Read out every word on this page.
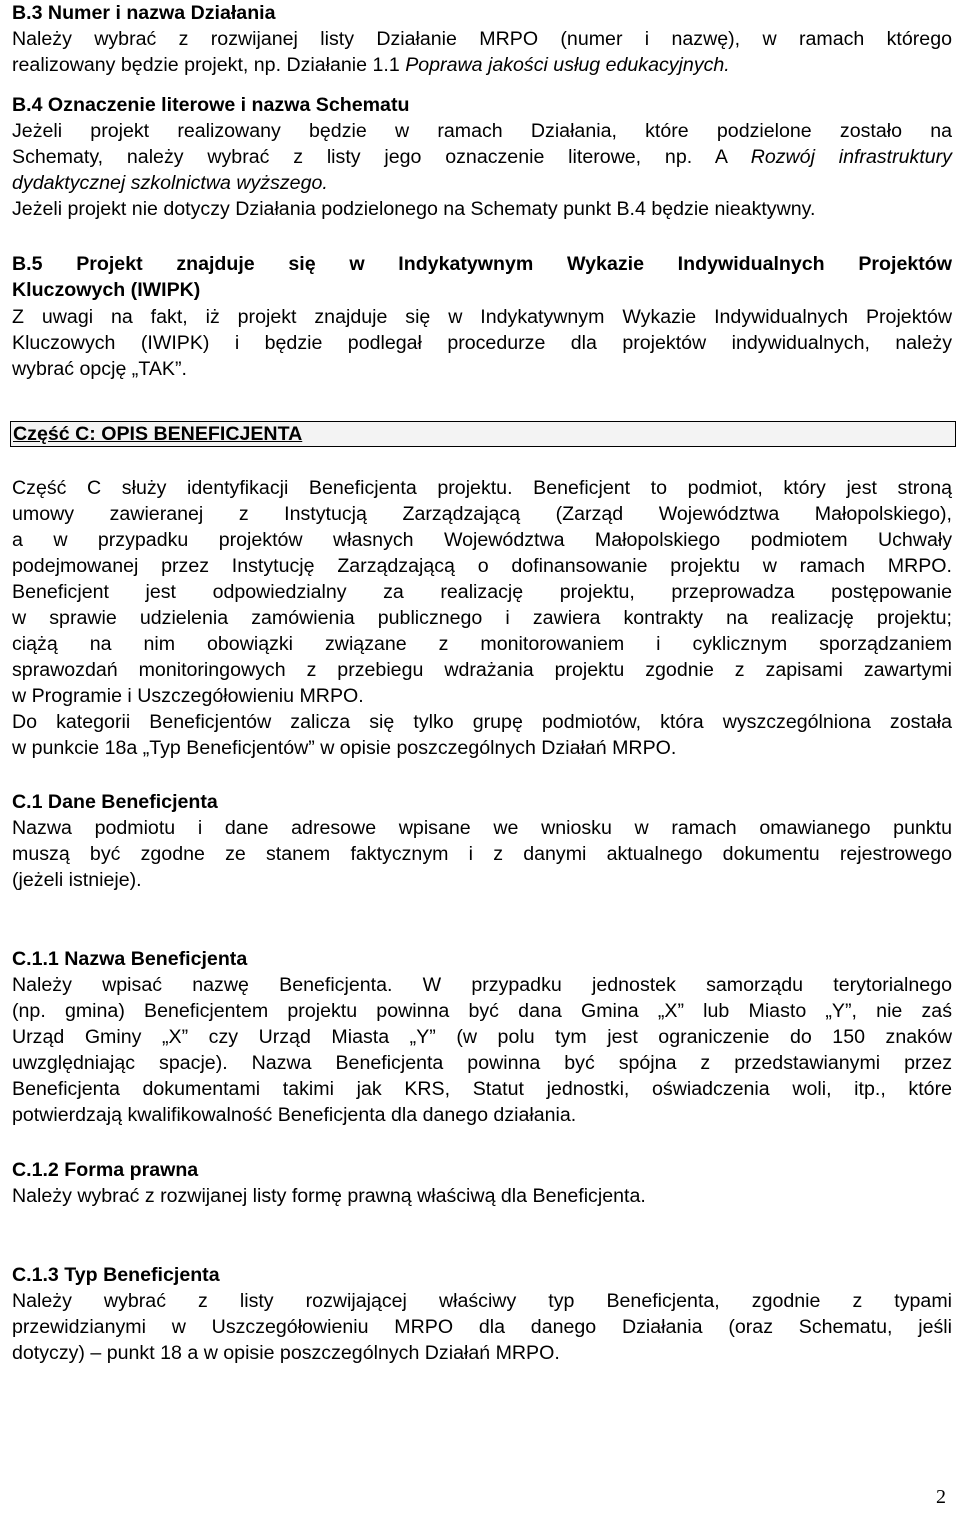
B.3 Numer i nazwa Działania
Należy wybrać z rozwijanej listy Działanie MRPO (numer i nazwę), w ramach którego
realizowany będzie projekt, np. Działanie 1.1 Poprawa jakości usług edukacyjnych.
B.4 Oznaczenie literowe i nazwa Schematu
Jeżeli projekt realizowany będzie w ramach Działania, które podzielone zostało na
Schematy, należy wybrać z listy jego oznaczenie literowe, np. A Rozwój infrastruktury
dydaktycznej szkolnictwa wyższego.
Jeżeli projekt nie dotyczy Działania podzielonego na Schematy punkt B.4 będzie nieaktywny.
B.5 Projekt znajduje się w Indykatywnym Wykazie Indywidualnych Projektów
Kluczowych (IWIPK)
Z uwagi na fakt, iż projekt znajduje się w Indykatywnym Wykazie Indywidualnych Projektów
Kluczowych (IWIPK) i będzie podlegał procedurze dla projektów indywidualnych, należy
wybrać opcję „TAK”.
Część C służy identyfikacji Beneficjenta projektu. Beneficjent to podmiot, który jest stroną
umowy zawieranej z Instytucją Zarządzającą (Zarząd Województwa Małopolskiego),
a w przypadku projektów własnych Województwa Małopolskiego podmiotem Uchwały
podejmowanej przez Instytucję Zarządzającą o dofinansowanie projektu w ramach MRPO.
Beneficjent jest odpowiedzialny za realizację projektu, przeprowadza postępowanie
w sprawie udzielenia zamówienia publicznego i zawiera kontrakty na realizację projektu;
ciążą na nim obowiązki związane z monitorowaniem i cyklicznym sporządzaniem
sprawozdań monitoringowych z przebiegu wdrażania projektu zgodnie z zapisami zawartymi
w Programie i Uszczegółowieniu MRPO.
Do kategorii Beneficjentów zalicza się tylko grupę podmiotów, która wyszczególniona została
w punkcie 18a „Typ Beneficjentów” w opisie poszczególnych Działań MRPO.
C.1 Dane Beneficjenta
Nazwa podmiotu i dane adresowe wpisane we wniosku w ramach omawianego punktu
muszą być zgodne ze stanem faktycznym i z danymi aktualnego dokumentu rejestrowego
(jeżeli istnieje).
C.1.1 Nazwa Beneficjenta
Należy wpisać nazwę Beneficjenta. W przypadku jednostek samorządu terytorialnego
(np. gmina) Beneficjentem projektu powinna być dana Gmina „X” lub Miasto „Y”, nie zaś
Urząd Gminy „X” czy Urząd Miasta „Y” (w polu tym jest ograniczenie do 150 znaków
uwzględniając spacje). Nazwa Beneficjenta powinna być spójna z przedstawianymi przez
Beneficjenta dokumentami takimi jak KRS, Statut jednostki, oświadczenia woli, itp., które
potwierdzają kwalifikowalność Beneficjenta dla danego działania.
C.1.2 Forma prawna
Należy wybrać z rozwijanej listy formę prawną właściwą dla Beneficjenta.
C.1.3 Typ Beneficjenta
Należy wybrać z listy rozwijającej właściwy typ Beneficjenta, zgodnie z typami
przewidzianymi w Uszczegółowieniu MRPO dla danego Działania (oraz Schematu, jeśli
dotyczy) – punkt 18 a w opisie poszczególnych Działań MRPO.
Część C: OPIS BENEFICJENTA
2
